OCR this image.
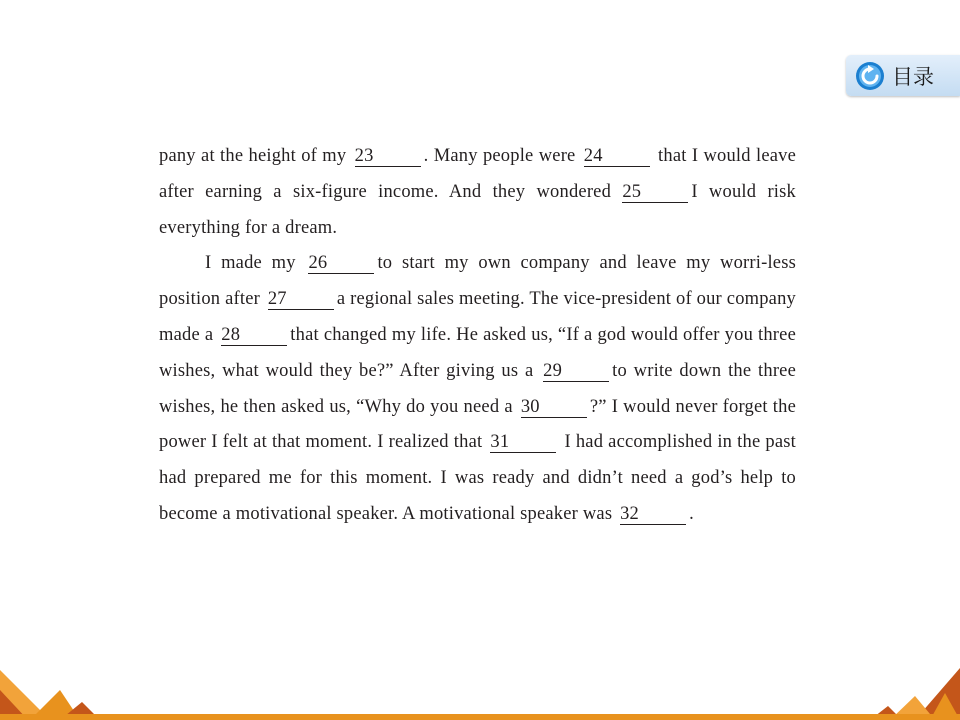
目录

pany at the height of my 23	. Many people were 24	that I would leave after earning a six-figure income. And they wondered 25	I would risk everything for a dream.

I made my 26	to start my own company and leave my worri-less position after 27	a regional sales meeting. The vice-president of our company made a 28	that changed my life. He asked us, “If a god would offer you three wishes, what would they be?” After giving us a 29	to write down the three wishes, he then asked us, “Why do you need a 30	?” I would never forget the power I felt at that moment. I realized that 31	I had accomplished in the past had prepared me for this moment. I was ready and didn’t need a god’s help to become a motivational speaker. A motivational speaker was 32	.
